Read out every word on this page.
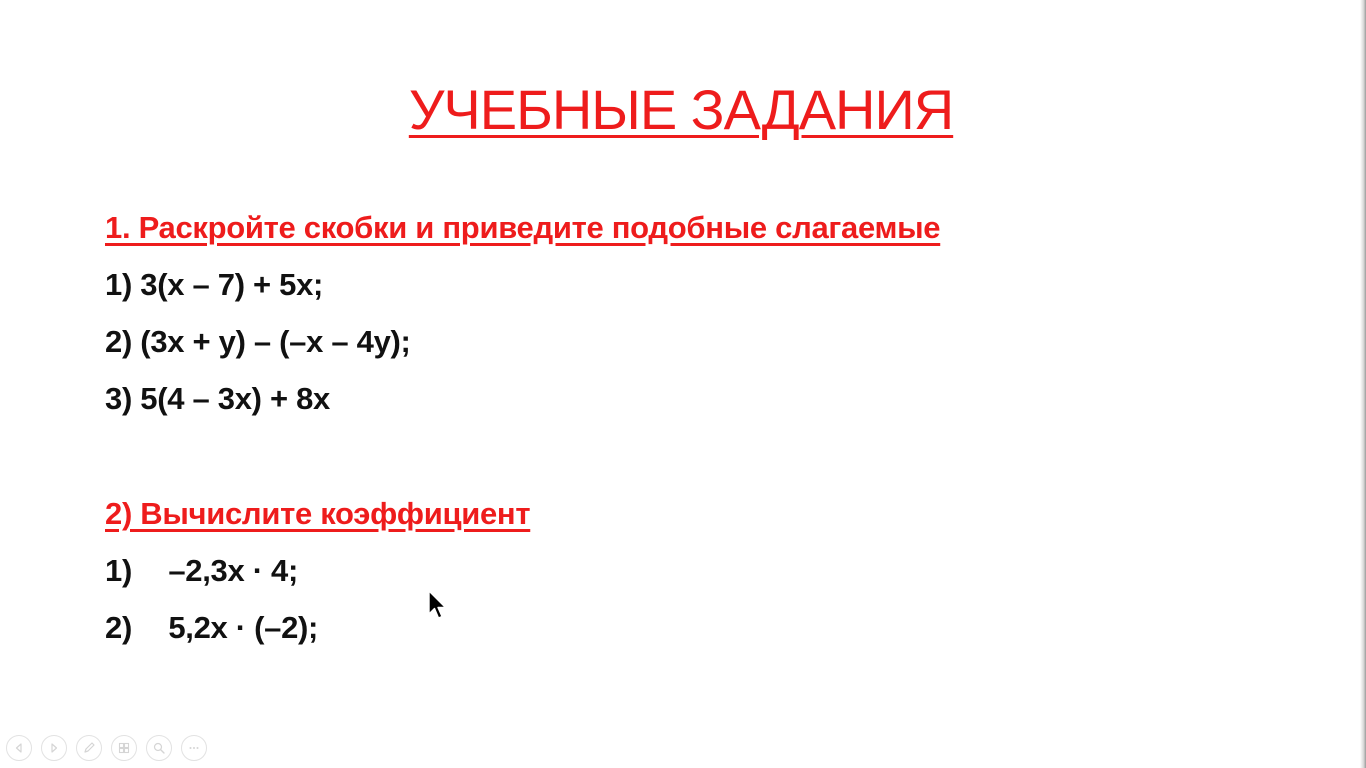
УЧЕБНЫЕ ЗАДАНИЯ
1. Раскройте скобки и приведите подобные слагаемые
1) 3(x – 7) + 5x;
2) (3x + y) – (–x – 4y);
3) 5(4 – 3x) + 8x
2) Вычислите коэффициент
1) –2,3x · 4;
2) 5,2x · (–2);
